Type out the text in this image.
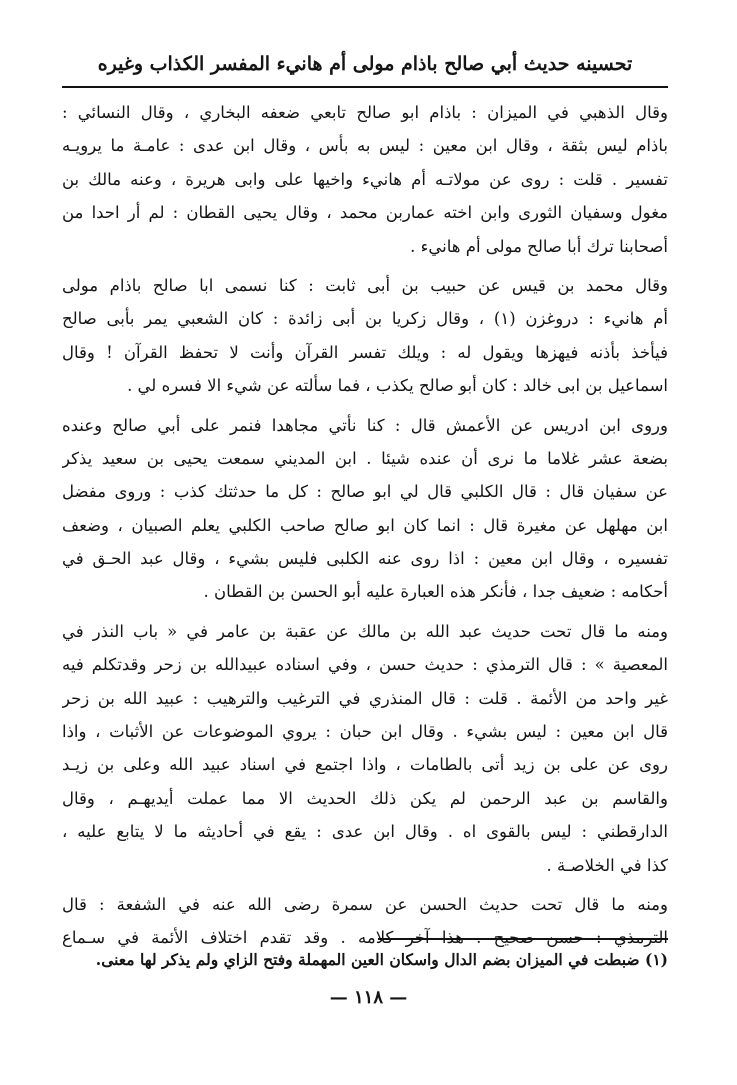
تحسينه حديث أبي صالح باذام مولى أم هانيء المفسر الكذاب وغيره
وقال الذهبي في الميزان : باذام ابو صالح تابعي ضعفه البخاري ، وقال النسائي :
باذام ليس بثقة ، وقال ابن معين : ليس به بأس ، وقال ابن عدى : عامـة ما يرويـه
تفسير . قلت : روى عن مولاتـه أم هانيء واخيها على وابى هريرة ، وعنه مالك بن
مغول وسفيان الثورى وابن اخته عماربن محمد ، وقال يحيى القطان : لم أر احدا من
أصحابنا ترك أبا صالح مولى أم هانيء .
وقال محمد بن قيس عن حبيب بن أبى ثابت : كنا نسمى ابا صالح باذام مولى
أم هانيء : دروغزن (١) ، وقال زكريا بن أبى زائدة : كان الشعبي يمر بأبى صالح
فيأخذ بأذنه فيهزها ويقول له : ويلك تفسر القرآن وأنت لا تحفظ القرآن ! وقال
اسماعيل بن ابى خالد : كان أبو صالح يكذب ، فما سألته عن شيء الا فسره لي .
وروى ابن ادريس عن الأعمش قال : كنا نأتي مجاهدا فنمر على أبي صالح وعنده
بضعة عشر غلاما ما نرى أن عنده شيئا . ابن المديني سمعت يحيى بن سعيد يذكر
عن سفيان قال : قال الكلبي قال لي ابو صالح : كل ما حدثتك كذب : وروى مفضل
ابن مهلهل عن مغيرة قال : انما كان ابو صالح صاحب الكلبي يعلم الصبيان ، وضعف
تفسيره ، وقال ابن معين : اذا روى عنه الكلبى فليس بشيء ، وقال عبد الحـق في
أحكامه : ضعيف جدا ، فأنكر هذه العبارة عليه أبو الحسن بن القطان .
ومنه ما قال تحت حديث عبد الله بن مالك عن عقبة بن عامر في « باب النذر في
المعصية » : قال الترمذي : حديث حسن ، وفي اسناده عبيدالله بن زحر وقدتكلم فيه
غير واحد من الأئمة . قلت : قال المنذري في الترغيب والترهيب : عبيد الله بن زحر
قال ابن معين : ليس بشيء . وقال ابن حبان : يروي الموضوعات عن الأثبات ، واذا
روى عن على بن زيد أتى بالطامات ، واذا اجتمع في اسناد عبيد الله وعلى بن زيـد
والقاسم بن عبد الرحمن لم يكن ذلك الحديث الا مما عملت أيديهـم ، وقال
الدارقطني : ليس بالقوى اه . وقال ابن عدى : يقع في أحاديثه ما لا يتابع عليه ،
كذا في الخلاصـة .
ومنه ما قال تحت حديث الحسن عن سمرة رضى الله عنه في الشفعة : قال
الترمذي : حسن صحيح . هذا آخر كلامه . وقد تقدم اختلاف الأئمة في سـماع
(١) ضبطت في الميزان بضم الدال واسكان العين المهملة وفتح الزاي ولم يذكر لها معنى.
— ١١٨ —
